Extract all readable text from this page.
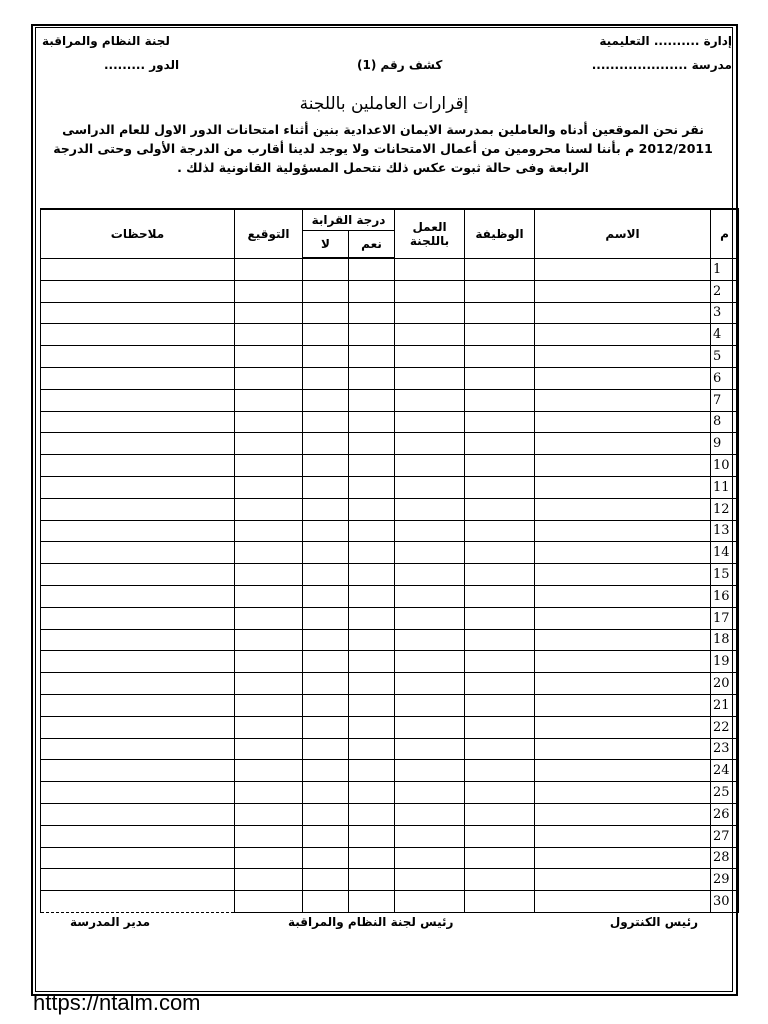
لجنة النظام والمراقبة
الدور .........	كشف رقم (1)
إدارة .......... التعليمية
مدرسة .....................
إقرارات العاملين باللجنة
نقر نحن الموقعين أدناه والعاملين بمدرسة الايمان الاعدادية بنين أثناء امتحانات الدور الاول للعام الدراسى 2012/2011 م بأننا لسنا محرومين من أعمال الامتحانات ولا يوجد لدينا أقارب من الدرجة الأولى وحتى الدرجة الرابعة وفى حالة ثبوت عكس ذلك نتحمل المسؤولية القانونية لذلك .
م	الاسم	الوظيفة	العمل باللجنة	درجة القرابة		التوقيع	ملاحظات
				نعم	لا		
1							
2							
3							
4							
5							
6							
7							
8							
9							
10							
11							
12							
13							
14							
15							
16							
17							
18							
19							
20							
21							
22							
23							
24							
25							
26							
27							
28							
29							
30							
رئيس الكنترول
رئيس لجنة النظام والمراقبة
مدير المدرسة
https://ntalm.com
